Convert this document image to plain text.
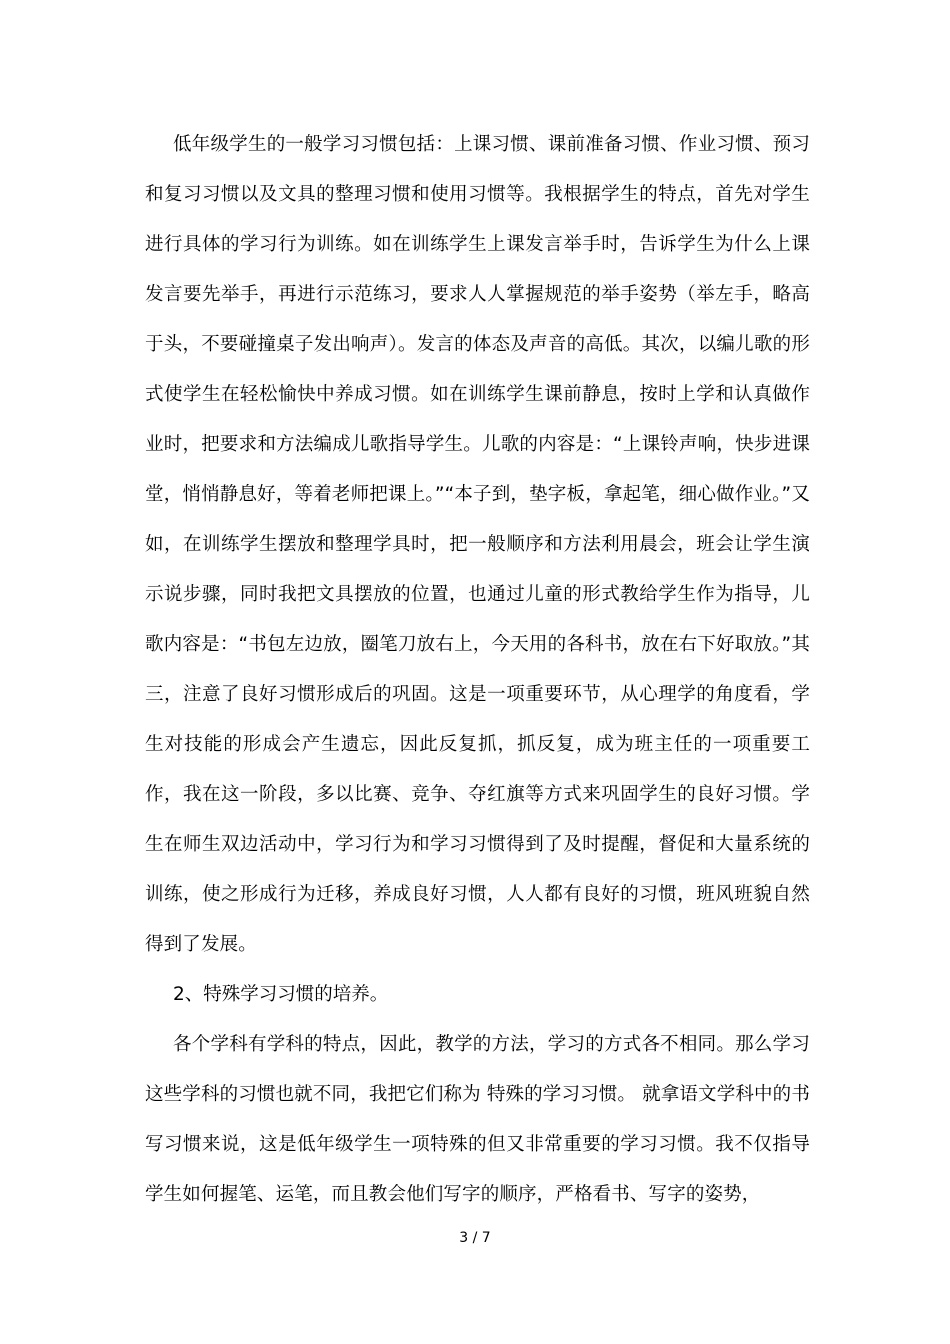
低年级学生的一般学习习惯包括：上课习惯、课前准备习惯、作业习惯、预习和复习习惯以及文具的整理习惯和使用习惯等。我根据学生的特点，首先对学生进行具体的学习行为训练。如在训练学生上课发言举手时，告诉学生为什么上课发言要先举手，再进行示范练习，要求人人掌握规范的举手姿势（举左手，略高于头，不要碰撞桌子发出响声）。发言的体态及声音的高低。其次，以编儿歌的形式使学生在轻松愉快中养成习惯。如在训练学生课前静息，按时上学和认真做作业时，把要求和方法编成儿歌指导学生。儿歌的内容是：“上课铃声响，快步进课堂，悄悄静息好，等着老师把课上。”“本子到，垫字板，拿起笔，细心做作业。”又如，在训练学生摆放和整理学具时，把一般顺序和方法利用晨会，班会让学生演示说步骤，同时我把文具摆放的位置，也通过儿童的形式教给学生作为指导，儿歌内容是：“书包左边放，圈笔刀放右上，今天用的各科书，放在右下好取放。”其三，注意了良好习惯形成后的巩固。这是一项重要环节，从心理学的角度看，学生对技能的形成会产生遗忘，因此反复抓，抓反复，成为班主任的一项重要工作，我在这一阶段，多以比赛、竞争、夺红旗等方式来巩固学生的良好习惯。学生在师生双边活动中，学习行为和学习习惯得到了及时提醒，督促和大量系统的训练，使之形成行为迁移，养成良好习惯，人人都有良好的习惯，班风班貌自然得到了发展。

2、特殊学习习惯的培养。

各个学科有学科的特点，因此，教学的方法，学习的方式各不相同。那么学习这些学科的习惯也就不同，我把它们称为 特殊的学习习惯。 就拿语文学科中的书写习惯来说，这是低年级学生一项特殊的但又非常重要的学习习惯。我不仅指导学生如何握笔、运笔，而且教会他们写字的顺序，严格看书、写字的姿势，

3 / 7
